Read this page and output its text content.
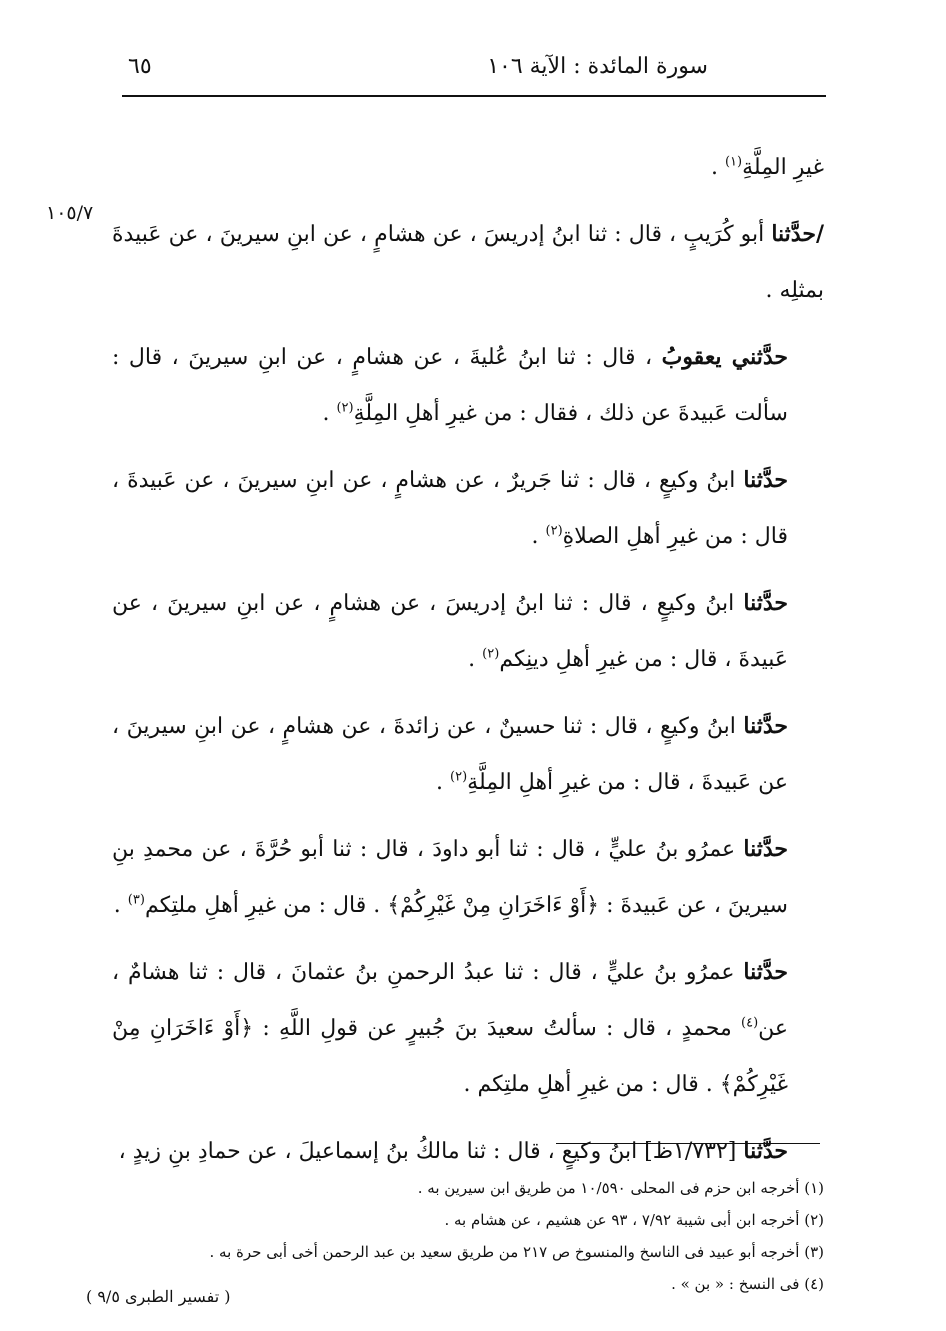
سورة المائدة : الآية ١٠٦
٦٥
١٠٥/٧

غيرِ المِلَّةِ$^{(١)}$ .

/حدَّثنا أبو كُرَيبٍ ، قال : ثنا ابنُ إدريسَ ، عن هشامٍ ، عن ابنِ سيرينَ ، عن عَبيدةَ بمثلِه .

حدَّثني يعقوبُ ، قال : ثنا ابنُ عُليةَ ، عن هشامٍ ، عن ابنِ سيرينَ ، قال : سألت عَبيدةَ عن ذلك ، فقال : من غيرِ أهلِ المِلَّةِ$^{(٢)}$ .

حدَّثنا ابنُ وكيعٍ ، قال : ثنا جَريرٌ ، عن هشامٍ ، عن ابنِ سيرينَ ، عن عَبيدةَ ، قال : من غيرِ أهلِ الصلاةِ$^{(٢)}$ .

حدَّثنا ابنُ وكيعٍ ، قال : ثنا ابنُ إدريسَ ، عن هشامٍ ، عن ابنِ سيرينَ ، عن عَبيدةَ ، قال : من غيرِ أهلِ دينِكم$^{(٢)}$ .

حدَّثنا ابنُ وكيعٍ ، قال : ثنا حسينٌ ، عن زائدةَ ، عن هشامٍ ، عن ابنِ سيرينَ ، عن عَبيدةَ ، قال : من غيرِ أهلِ المِلَّةِ$^{(٢)}$ .

حدَّثنا عمرُو بنُ عليٍّ ، قال : ثنا أبو داودَ ، قال : ثنا أبو حُرَّةَ ، عن محمدِ بنِ سيرينَ ، عن عَبيدةَ : ﴿أَوْ ءَاخَرَانِ مِنْ غَيْرِكُمْ﴾ . قال : من غيرِ أهلِ ملتِكم$^{(٣)}$ .

حدَّثنا عمرُو بنُ عليٍّ ، قال : ثنا عبدُ الرحمنِ بنُ عثمانَ ، قال : ثنا هشامٌ ، عن$^{(٤)}$ محمدٍ ، قال : سألتُ سعيدَ بنَ جُبيرٍ عن قولِ اللَّهِ : ﴿أَوْ ءَاخَرَانِ مِنْ غَيْرِكُمْ﴾ . قال : من غيرِ أهلِ ملتِكم .

حدَّثنا [١/٧٣٢ظ] ابنُ وكيعٍ ، قال : ثنا مالكُ بنُ إسماعيلَ ، عن حمادِ بنِ زيدٍ ،

(١) أخرجه ابن حزم فى المحلى ١٠/٥٩٠ من طريق ابن سيرين به .

(٢) أخرجه ابن أبى شيبة ٧/٩٢ ، ٩٣ عن هشيم ، عن هشام به .

(٣) أخرجه أبو عبيد فى الناسخ والمنسوخ ص ٢١٧ من طريق سعيد بن عبد الرحمن أخى أبى حرة به .

(٤) فى النسخ : « بن » .

( تفسير الطبرى ٩/٥ )
